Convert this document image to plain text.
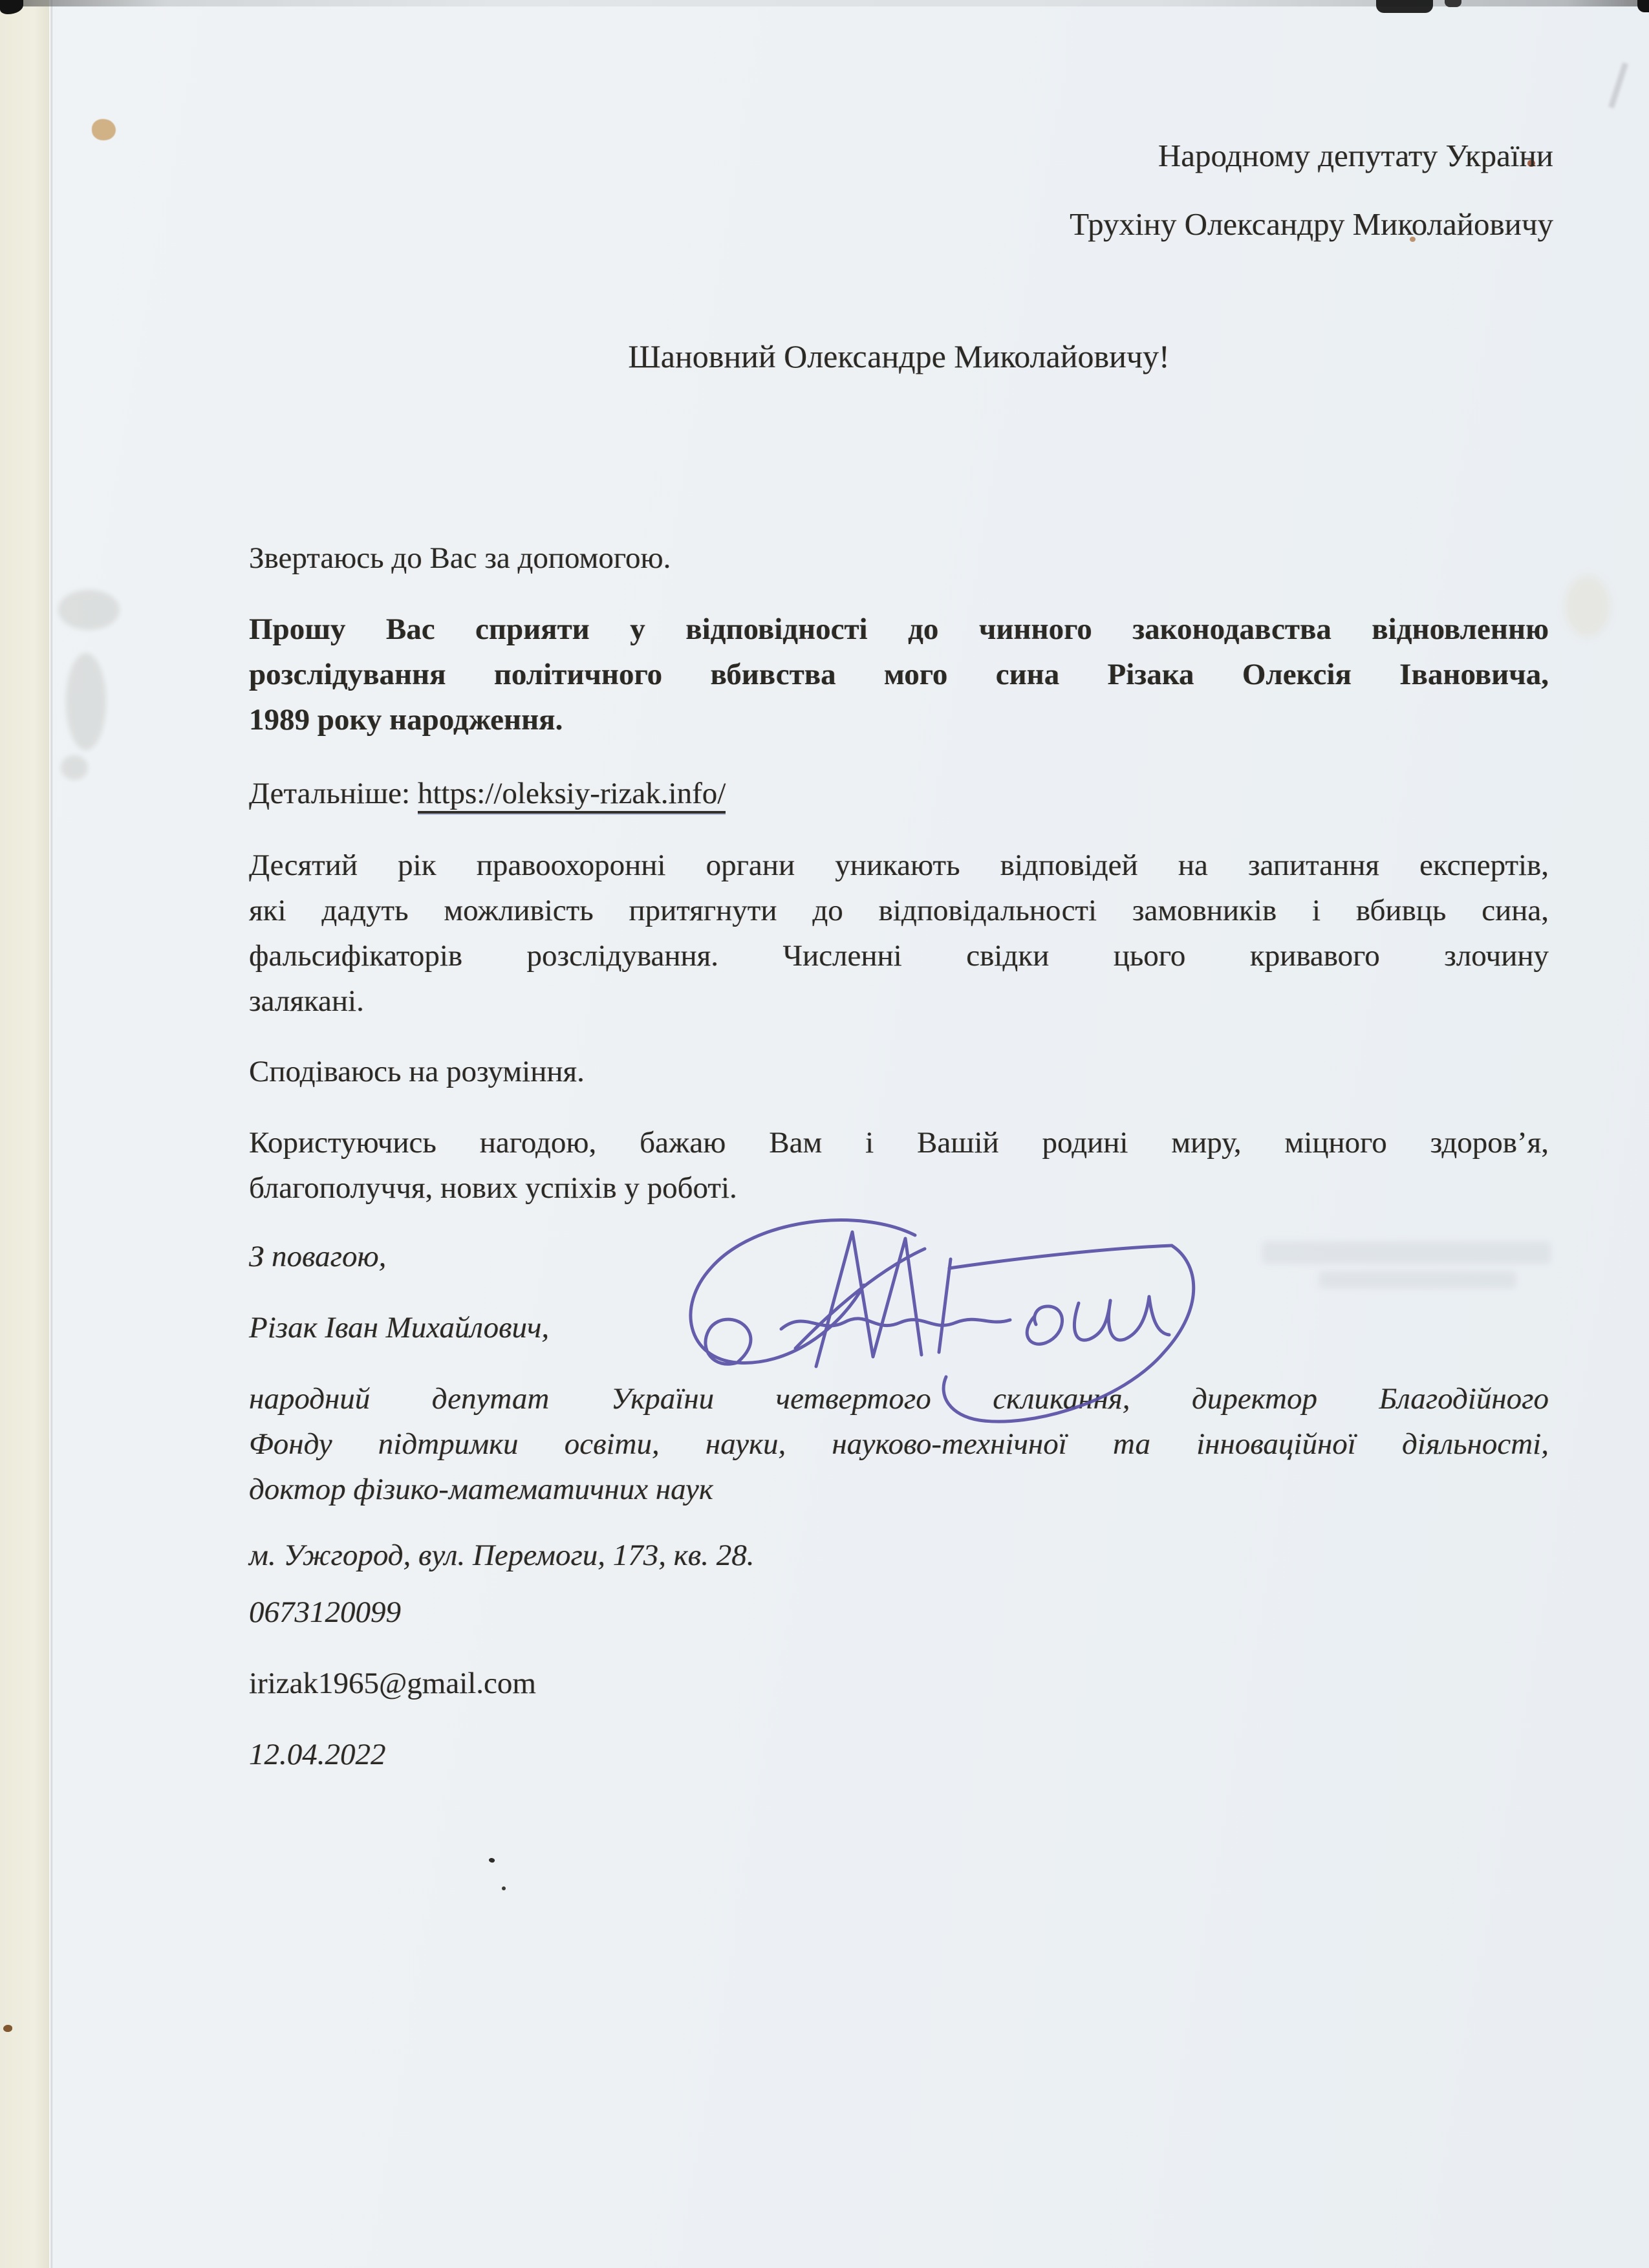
Народному депутату України
Трухіну Олександру Миколайовичу
Шановний Олександре Миколайовичу!
Звертаюсь до Вас за допомогою.
Прошу Вас сприяти у відповідності до чинного законодавства відновленню
розслідування політичного вбивства мого сина Різака Олексія Івановича,
1989 року народження.
Детальніше: https://oleksiy-rizak.info/
Десятий рік правоохоронні органи уникають відповідей на запитання експертів,
які дадуть можливість притягнути до відповідальності замовників і вбивць сина,
фальсифікаторів розслідування. Численні свідки цього кривавого злочину
залякані.
Сподіваюсь на розуміння.
Користуючись нагодою, бажаю Вам і Вашій родині миру, міцного здоров’я,
благополуччя, нових успіхів у роботі.
З повагою,
Різак Іван Михайлович,
народний депутат України четвертого скликання, директор Благодійного
Фонду підтримки освіти, науки, науково-технічної та інноваційної діяльності,
доктор фізико-математичних наук
м. Ужгород, вул. Перемоги, 173, кв. 28.
0673120099
irizak1965@gmail.com
12.04.2022
